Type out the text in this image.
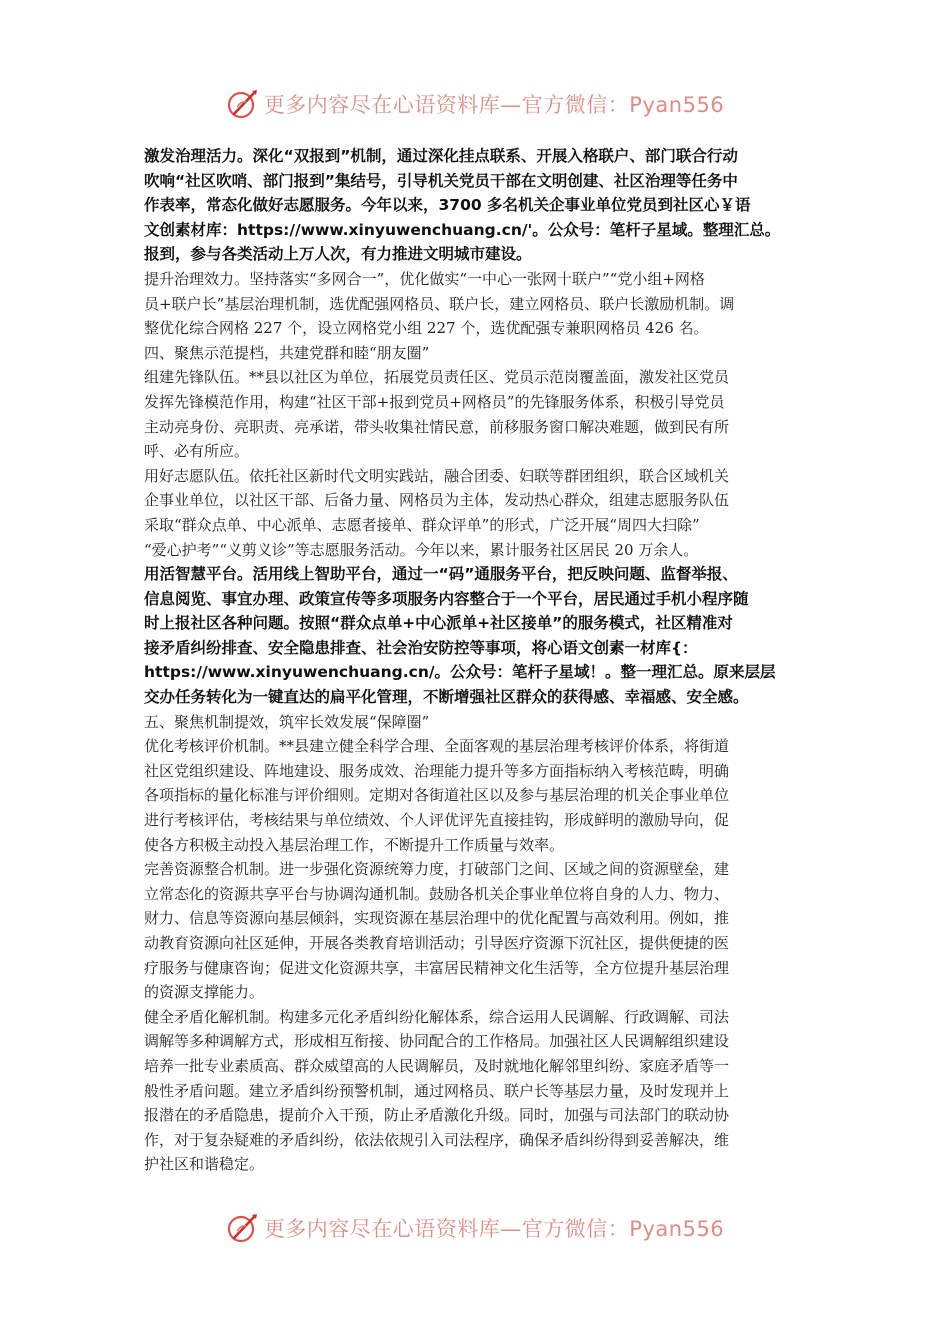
更多内容尽在心语资料库—官方微信：Pyan556

激发治理活力。深化“双报到”机制，通过深化挂点联系、开展入格联户、部门联合行动
吹响“社区吹哨、部门报到”集结号，引导机关党员干部在文明创建、社区治理等任务中
作表率，常态化做好志愿服务。今年以来，3700 多名机关企事业单位党员到社区心￥语
文创素材库：https://www.xinyuwenchuang.cn/'。公众号：笔杆子星域。整理汇总。
报到，参与各类活动上万人次，有力推进文明城市建设。

提升治理效力。坚持落实“多网合一”，优化做实“一中心一张网十联户”“党小组+网格
员+联户长”基层治理机制，选优配强网格员、联户长，建立网格员、联户长激励机制。调
整优化综合网格 227 个，设立网格党小组 227 个，选优配强专兼职网格员 426 名。

四、聚焦示范提档，共建党群和睦“朋友圈”

组建先锋队伍。**县以社区为单位，拓展党员责任区、党员示范岗覆盖面，激发社区党员
发挥先锋模范作用，构建“社区干部+报到党员+网格员”的先锋服务体系，积极引导党员
主动亮身份、亮职责、亮承诺，带头收集社情民意，前移服务窗口解决难题，做到民有所
呼、必有所应。

用好志愿队伍。依托社区新时代文明实践站，融合团委、妇联等群团组织，联合区域机关
企事业单位，以社区干部、后备力量、网格员为主体，发动热心群众，组建志愿服务队伍
采取“群众点单、中心派单、志愿者接单、群众评单”的形式，广泛开展“周四大扫除”
“爱心护考”“义剪义诊”等志愿服务活动。今年以来，累计服务社区居民 20 万余人。

用活智慧平台。活用线上智助平台，通过一“码”通服务平台，把反映问题、监督举报、
信息阅览、事宜办理、政策宣传等多项服务内容整合于一个平台，居民通过手机小程序随
时上报社区各种问题。按照“群众点单+中心派单+社区接单”的服务模式，社区精准对
接矛盾纠纷排查、安全隐患排查、社会治安防控等事项，将心语文创素一材库{：
https://www.xinyuwenchuang.cn/。公众号：笔杆子星域！。整一理汇总。原来层层
交办任务转化为一键直达的扁平化管理，不断增强社区群众的获得感、幸福感、安全感。

五、聚焦机制提效，筑牢长效发展“保障圈”

优化考核评价机制。**县建立健全科学合理、全面客观的基层治理考核评价体系，将街道
社区党组织建设、阵地建设、服务成效、治理能力提升等多方面指标纳入考核范畴，明确
各项指标的量化标准与评价细则。定期对各街道社区以及参与基层治理的机关企事业单位
进行考核评估，考核结果与单位绩效、个人评优评先直接挂钩，形成鲜明的激励导向，促
使各方积极主动投入基层治理工作，不断提升工作质量与效率。

完善资源整合机制。进一步强化资源统筹力度，打破部门之间、区域之间的资源壁垒，建
立常态化的资源共享平台与协调沟通机制。鼓励各机关企事业单位将自身的人力、物力、
财力、信息等资源向基层倾斜，实现资源在基层治理中的优化配置与高效利用。例如，推
动教育资源向社区延伸，开展各类教育培训活动；引导医疗资源下沉社区，提供便捷的医
疗服务与健康咨询；促进文化资源共享，丰富居民精神文化生活等，全方位提升基层治理
的资源支撑能力。

健全矛盾化解机制。构建多元化矛盾纠纷化解体系，综合运用人民调解、行政调解、司法
调解等多种调解方式，形成相互衔接、协同配合的工作格局。加强社区人民调解组织建设
培养一批专业素质高、群众威望高的人民调解员，及时就地化解邻里纠纷、家庭矛盾等一
般性矛盾问题。建立矛盾纠纷预警机制，通过网格员、联户长等基层力量，及时发现并上
报潜在的矛盾隐患，提前介入干预，防止矛盾激化升级。同时，加强与司法部门的联动协
作，对于复杂疑难的矛盾纠纷，依法依规引入司法程序，确保矛盾纠纷得到妥善解决，维
护社区和谐稳定。

更多内容尽在心语资料库—官方微信：Pyan556
